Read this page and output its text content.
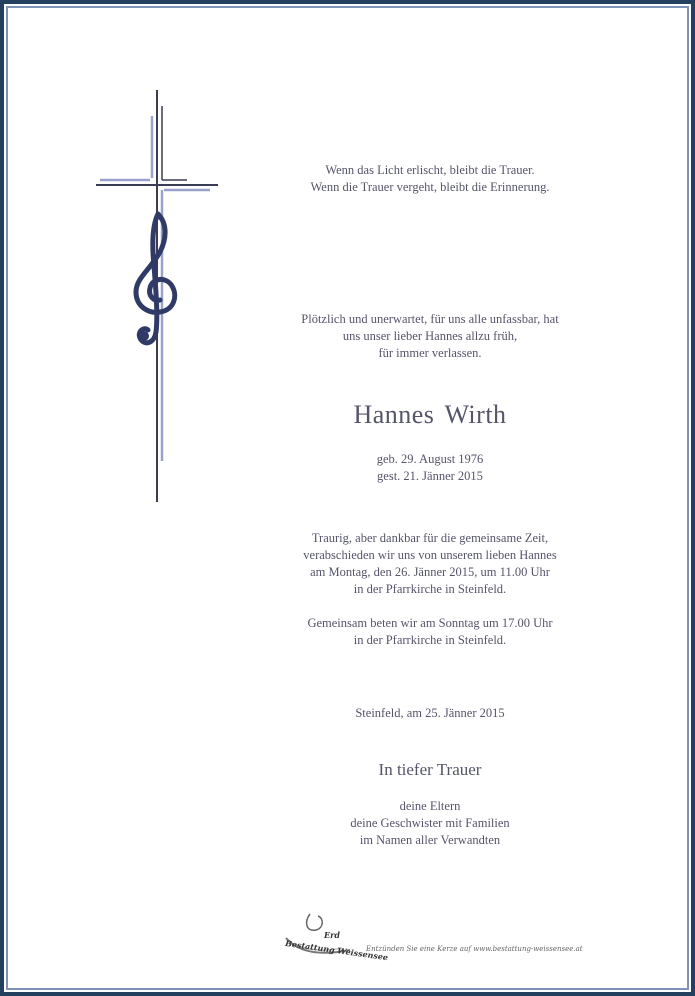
Wenn das Licht erlischt, bleibt die Trauer.
Wenn die Trauer vergeht, bleibt die Erinnerung.
Plötzlich und unerwartet, für uns alle unfassbar, hat
uns unser lieber Hannes allzu früh,
für immer verlassen.
Hannes Wirth
geb. 29. August 1976
gest. 21. Jänner 2015
Traurig, aber dankbar für die gemeinsame Zeit,
verabschieden wir uns von unserem lieben Hannes
am Montag, den 26. Jänner 2015, um 11.00 Uhr
in der Pfarrkirche in Steinfeld.
Gemeinsam beten wir am Sonntag um 17.00 Uhr
in der Pfarrkirche in Steinfeld.
Steinfeld, am 25. Jänner 2015
In tiefer Trauer
deine Eltern
deine Geschwister mit Familien
im Namen aller Verwandten
Erd
Bestattung Weissensee
Entzünden Sie eine Kerze auf www.bestattung-weissensee.at
